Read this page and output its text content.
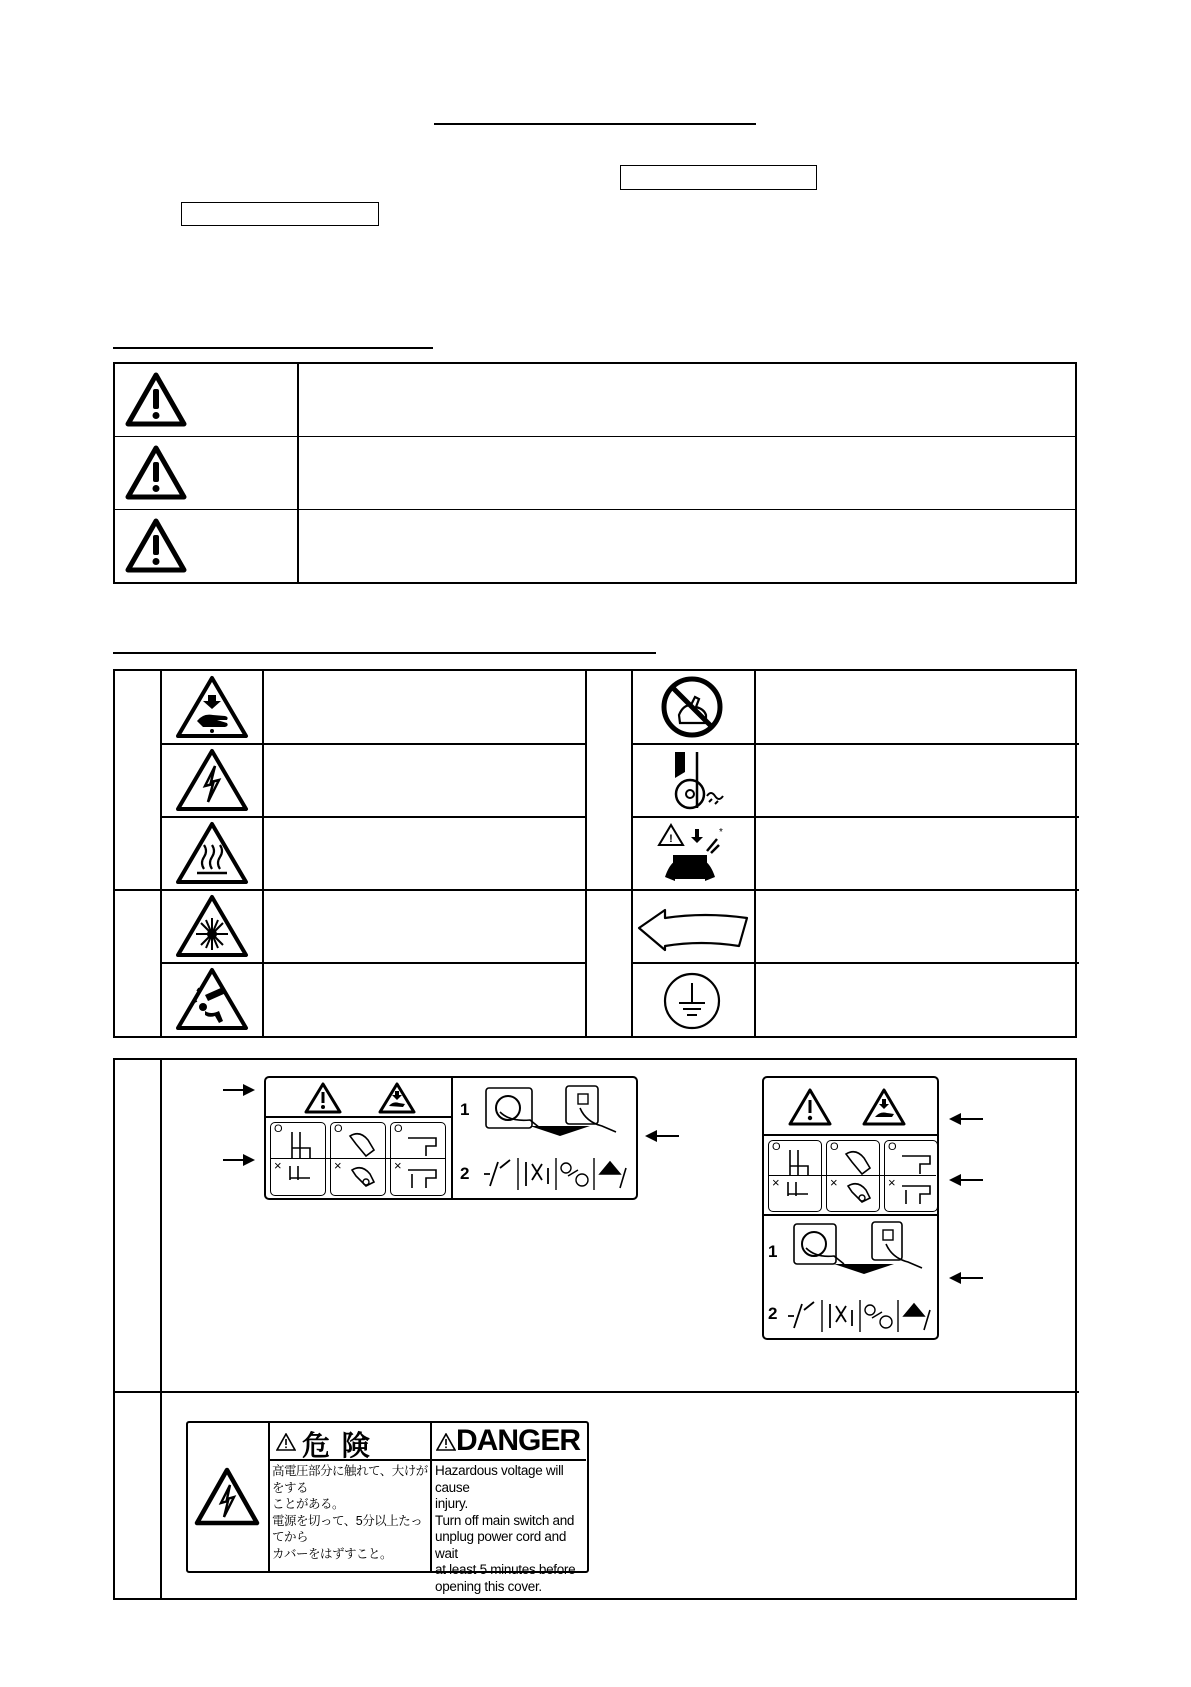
!
*
O	O	O
×	×	×
1
2
O	O	O
×	×	×
1
2
危 険	DANGER
高電圧部分に触れて、大けがをする
ことがある。
電源を切って、5分以上たってから
カバーをはずすこと。
Hazardous voltage will cause
injury.
Turn off main switch and
unplug power cord and wait
at least 5 minutes before
opening this cover.
